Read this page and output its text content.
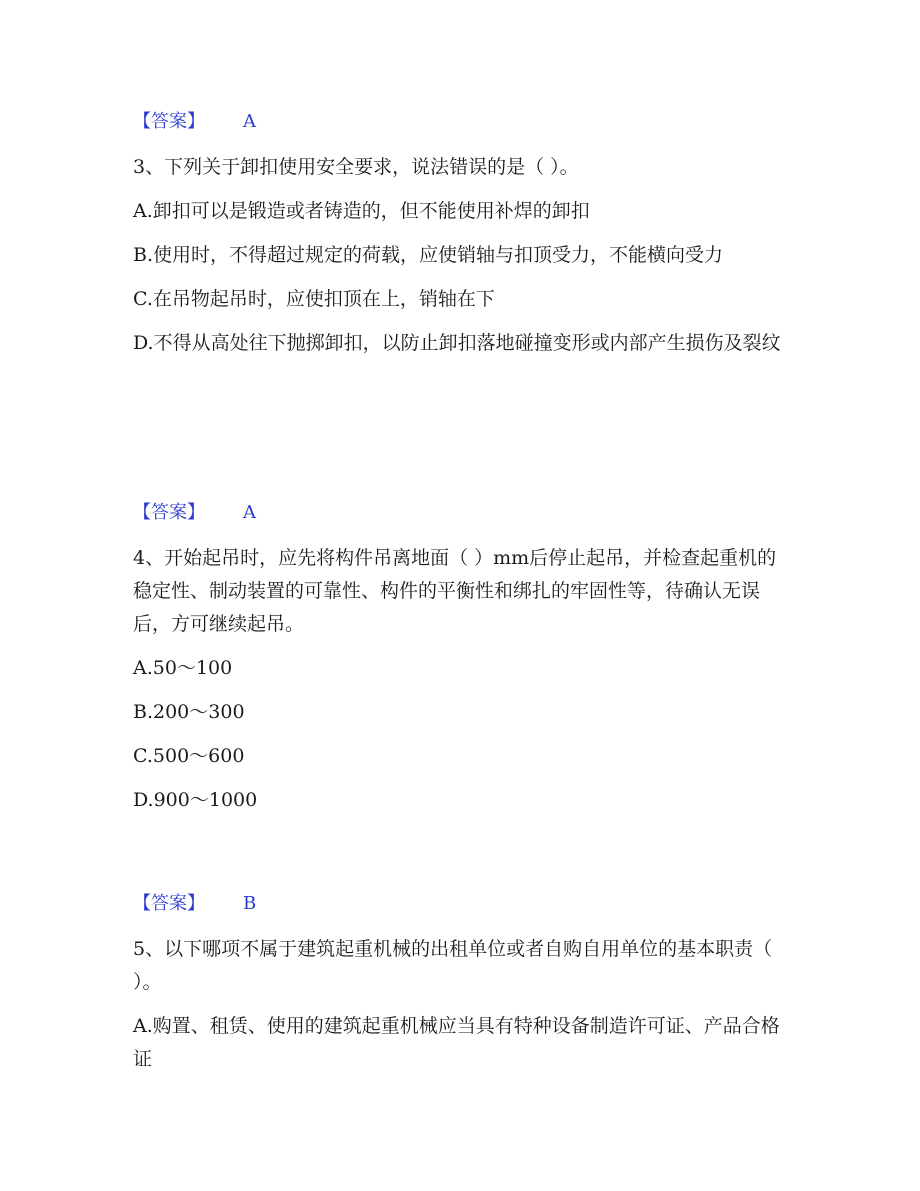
【答案】 A

3、下列关于卸扣使用安全要求，说法错误的是（ ）。

A.卸扣可以是锻造或者铸造的，但不能使用补焊的卸扣

B.使用时，不得超过规定的荷载，应使销轴与扣顶受力，不能横向受力

C.在吊物起吊时，应使扣顶在上，销轴在下

D.不得从高处往下抛掷卸扣，以防止卸扣落地碰撞变形或内部产生损伤及裂纹

【答案】 A

4、开始起吊时，应先将构件吊离地面（ ）mm后停止起吊，并检查起重机的稳定性、制动装置的可靠性、构件的平衡性和绑扎的牢固性等，待确认无误后，方可继续起吊。

A.50～100

B.200～300

C.500～600

D.900～1000

【答案】 B

5、以下哪项不属于建筑起重机械的出租单位或者自购自用单位的基本职责（ ）。

A.购置、租赁、使用的建筑起重机械应当具有特种设备制造许可证、产品合格证
